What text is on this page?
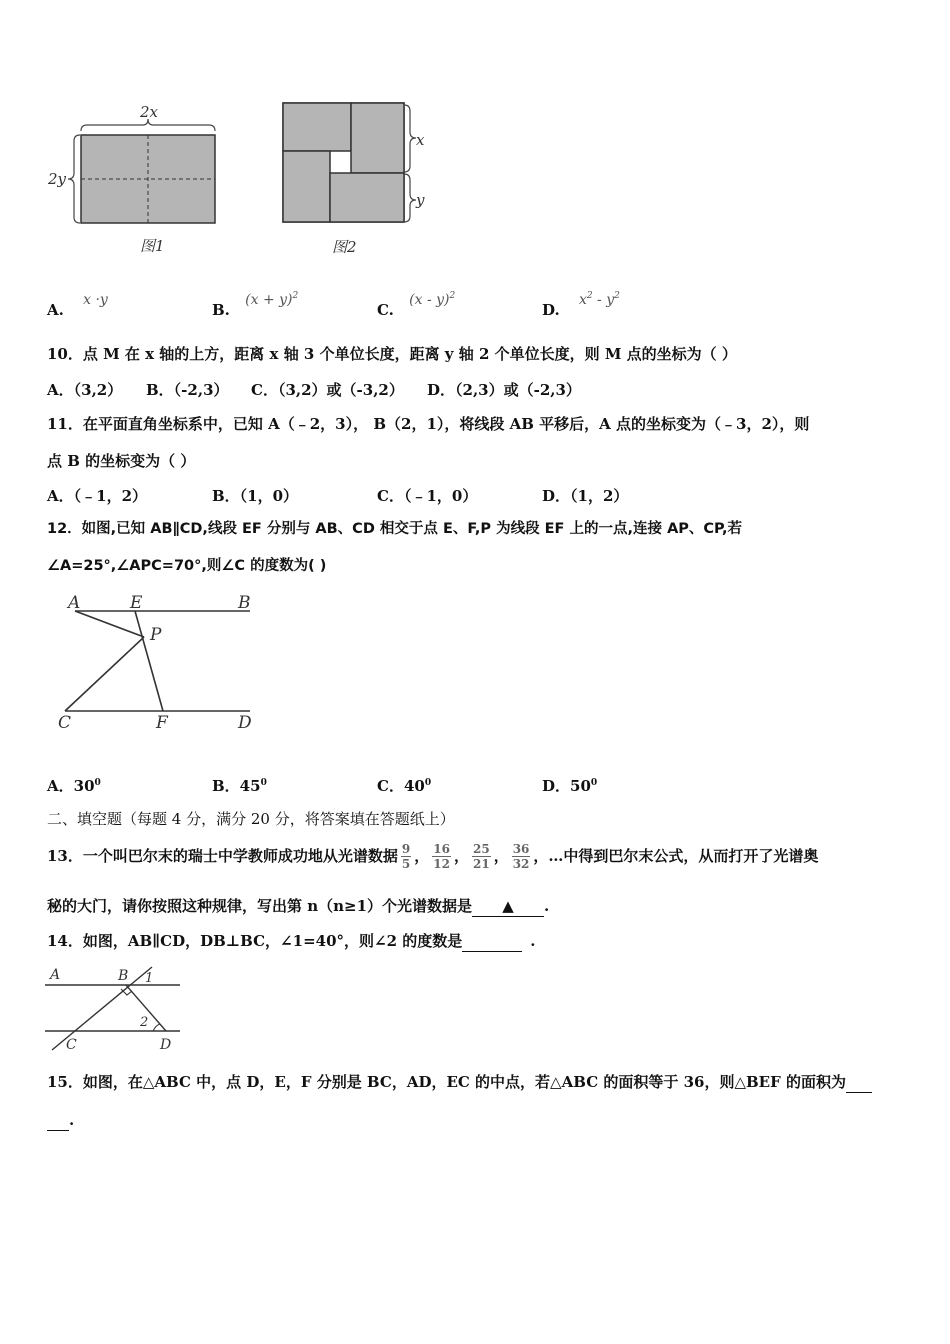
2x
2y
图1
x
y
图2
A. x ·y
B. $(x + y)^2$
C. (x - y)$^2$
D. $x^2 - y^2$
10．点 M 在 x 轴的上方，距离 x 轴 3 个单位长度，距离 y 轴 2 个单位长度，则 M 点的坐标为（ ）
A．（3,2） B．（-2,3） C．（3,2）或（-3,2） D．（2,3）或（-2,3）
11．在平面直角坐标系中，已知 A（﹣2，3）， B（2，1），将线段 AB 平移后，A 点的坐标变为（﹣3，2），则
点 B 的坐标变为（ ）
A．（﹣1，2）	B．（1，0）	C．（﹣1，0）	D．（1，2）
12．如图,已知 AB∥CD,线段 EF 分别与 AB、CD 相交于点 E、F,P 为线段 EF 上的一点,连接 AP、CP,若
∠A=25°,∠APC=70°,则∠C 的度数为( )
A	E	B
P
C	F	D
A．$30^0$	B．$45^0$	C．$40^0$	D．$50^0$
二、填空题（每题 4 分，满分 20 分，将答案填在答题纸上）
13．一个叫巴尔末的瑞士中学教师成功地从光谱数据 $\frac{9}{5}$ ， $\frac{16}{12}$ ， $\frac{25}{21}$ ， $\frac{36}{32}$ ，…中得到巴尔末公式，从而打开了光谱奥
秘的大门，请你按照这种规律，写出第 n（n≥1）个光谱数据是 ▲ .
14．如图，AB∥CD，DB⊥BC，∠1=40°，则∠2 的度数是	.
A	B 1
2
C	D
15．如图，在△ABC 中，点 D，E，F 分别是 BC，AD，EC 的中点，若△ABC 的面积等于 36，则△BEF 的面积为
.
